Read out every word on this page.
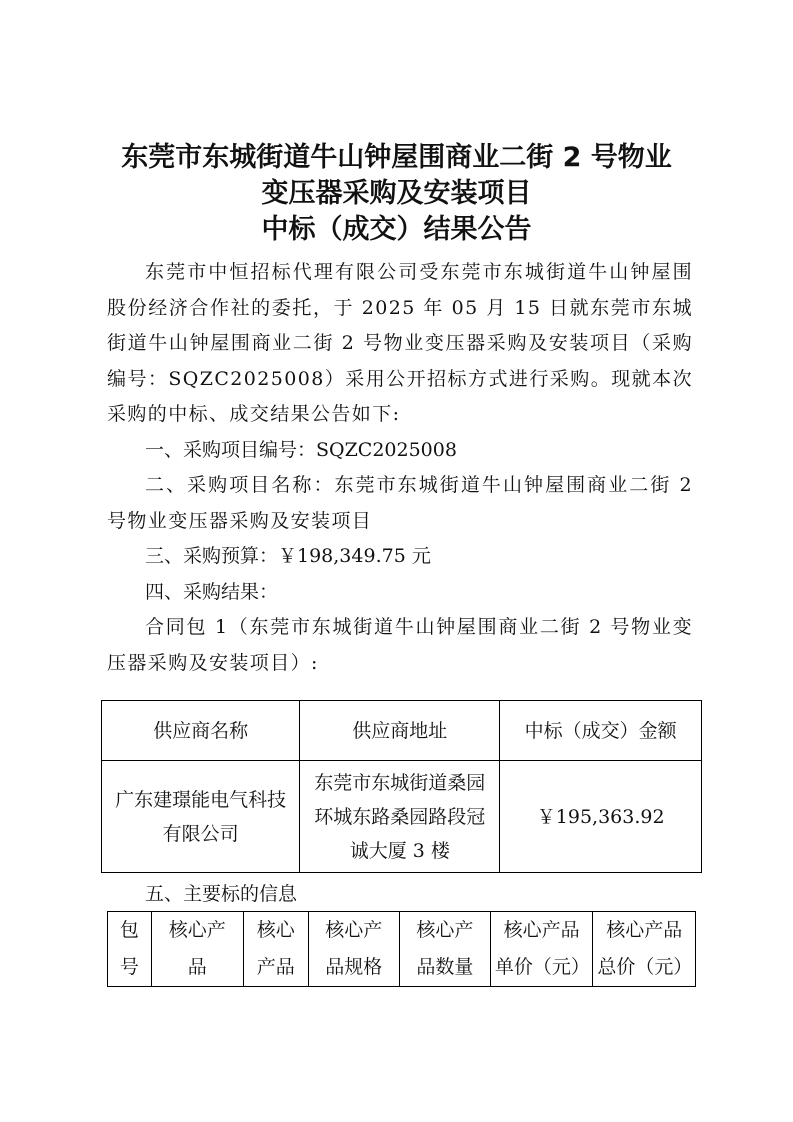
东莞市东城街道牛山钟屋围商业二街 2 号物业
变压器采购及安装项目
中标（成交）结果公告

东莞市中恒招标代理有限公司受东莞市东城街道牛山钟屋围股份经济合作社的委托，于 2025 年 05 月 15 日就东莞市东城街道牛山钟屋围商业二街 2 号物业变压器采购及安装项目（采购编号：SQZC2025008）采用公开招标方式进行采购。现就本次采购的中标、成交结果公告如下:

一、采购项目编号：SQZC2025008

二、采购项目名称：东莞市东城街道牛山钟屋围商业二街 2 号物业变压器采购及安装项目

三、采购预算：￥198,349.75 元

四、采购结果：

合同包 1（东莞市东城街道牛山钟屋围商业二街 2 号物业变压器采购及安装项目）:

供应商名称	供应商地址	中标（成交）金额
广东建璟能电气科技有限公司	东莞市东城街道桑园环城东路桑园路段冠诚大厦 3 楼	￥195,363.92
五、主要标的信息
包号	核心产品	核心产品	核心产品规格	核心产品数量	核心产品单价（元）	核心产品总价（元）
